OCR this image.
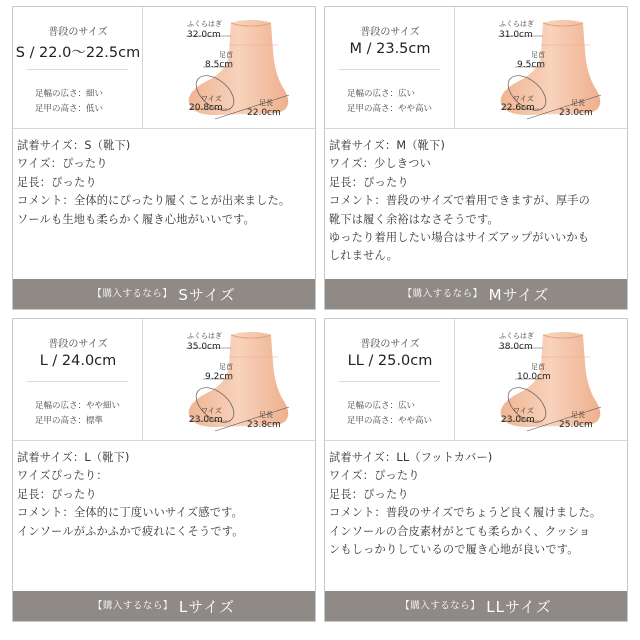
普段のサイズ
S / 22.0〜22.5cm
足幅の広さ：細い
足甲の高さ：低い
ふくらはぎ
32.0cm
足首
8.5cm
ワイズ
20.8cm	足長
22.0cm

試着サイズ：S（靴下)

ワイズ：ぴったり

足長：ぴったり

コメント：全体的にぴったり履くことが出来ました。

ソールも生地も柔らかく履き心地がいいです。

【購入するなら】 Sサイズ
普段のサイズ
M / 23.5cm
足幅の広さ：広い
足甲の高さ：やや高い
ふくらはぎ
31.0cm
足首
9.5cm
ワイズ
22.6cm	足長
23.0cm

試着サイズ：M（靴下)

ワイズ：少しきつい

足長：ぴったり

コメント：普段のサイズで着用できますが、厚手の

靴下は履く余裕はなさそうです。

ゆったり着用したい場合はサイズアップがいいかも

しれません。

【購入するなら】 Mサイズ
普段のサイズ
L / 24.0cm
足幅の広さ：やや細い
足甲の高さ：標準
ふくらはぎ
35.0cm
足首
9.2cm
ワイズ
23.0cm	足長
23.8cm

試着サイズ：L（靴下)

ワイズぴったり：

足長：ぴったり

コメント：全体的に丁度いいサイズ感です。

インソールがふかふかで疲れにくそうです。

【購入するなら】 Lサイズ
普段のサイズ
LL / 25.0cm
足幅の広さ：広い
足甲の高さ：やや高い
ふくらはぎ
38.0cm
足首
10.0cm
ワイズ
23.0cm	足長
25.0cm

試着サイズ：LL（フットカバー)

ワイズ：ぴったり

足長：ぴったり

コメント：普段のサイズでちょうど良く履けました。

インソールの合皮素材がとても柔らかく、クッショ

ンもしっかりしているので履き心地が良いです。

【購入するなら】 LLサイズ
